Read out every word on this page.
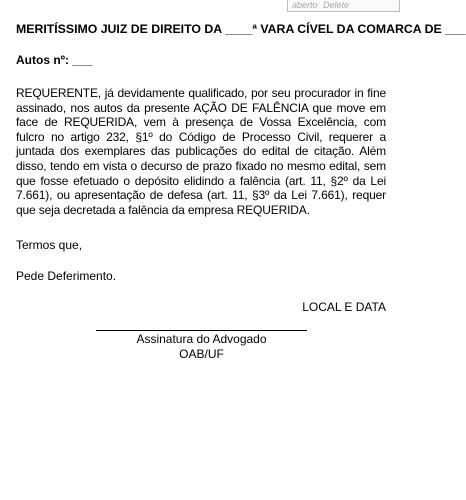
aberto Delete

MERITÍSSIMO JUIZ DE DIREITO DA ____ª VARA CÍVEL DA COMARCA DE ___

Autos nº: ___
REQUERENTE, já devidamente qualificado, por seu procurador in fine assinado, nos autos da presente AÇÃO DE FALÊNCIA que move em face de REQUERIDA, vem à presença de Vossa Excelência, com fulcro no artigo 232, §1º do Código de Processo Civil, requerer a juntada dos exemplares das publicações do edital de citação. Além disso, tendo em vista o decurso de prazo fixado no mesmo edital, sem que fosse efetuado o depósito elidindo a falência (art. 11, §2º da Lei 7.661), ou apresentação de defesa (art. 11, §3º da Lei 7.661), requer que seja decretada a falência da empresa REQUERIDA.
Termos que,
Pede Deferimento.
LOCAL E DATA
Assinatura do Advogado
OAB/UF
